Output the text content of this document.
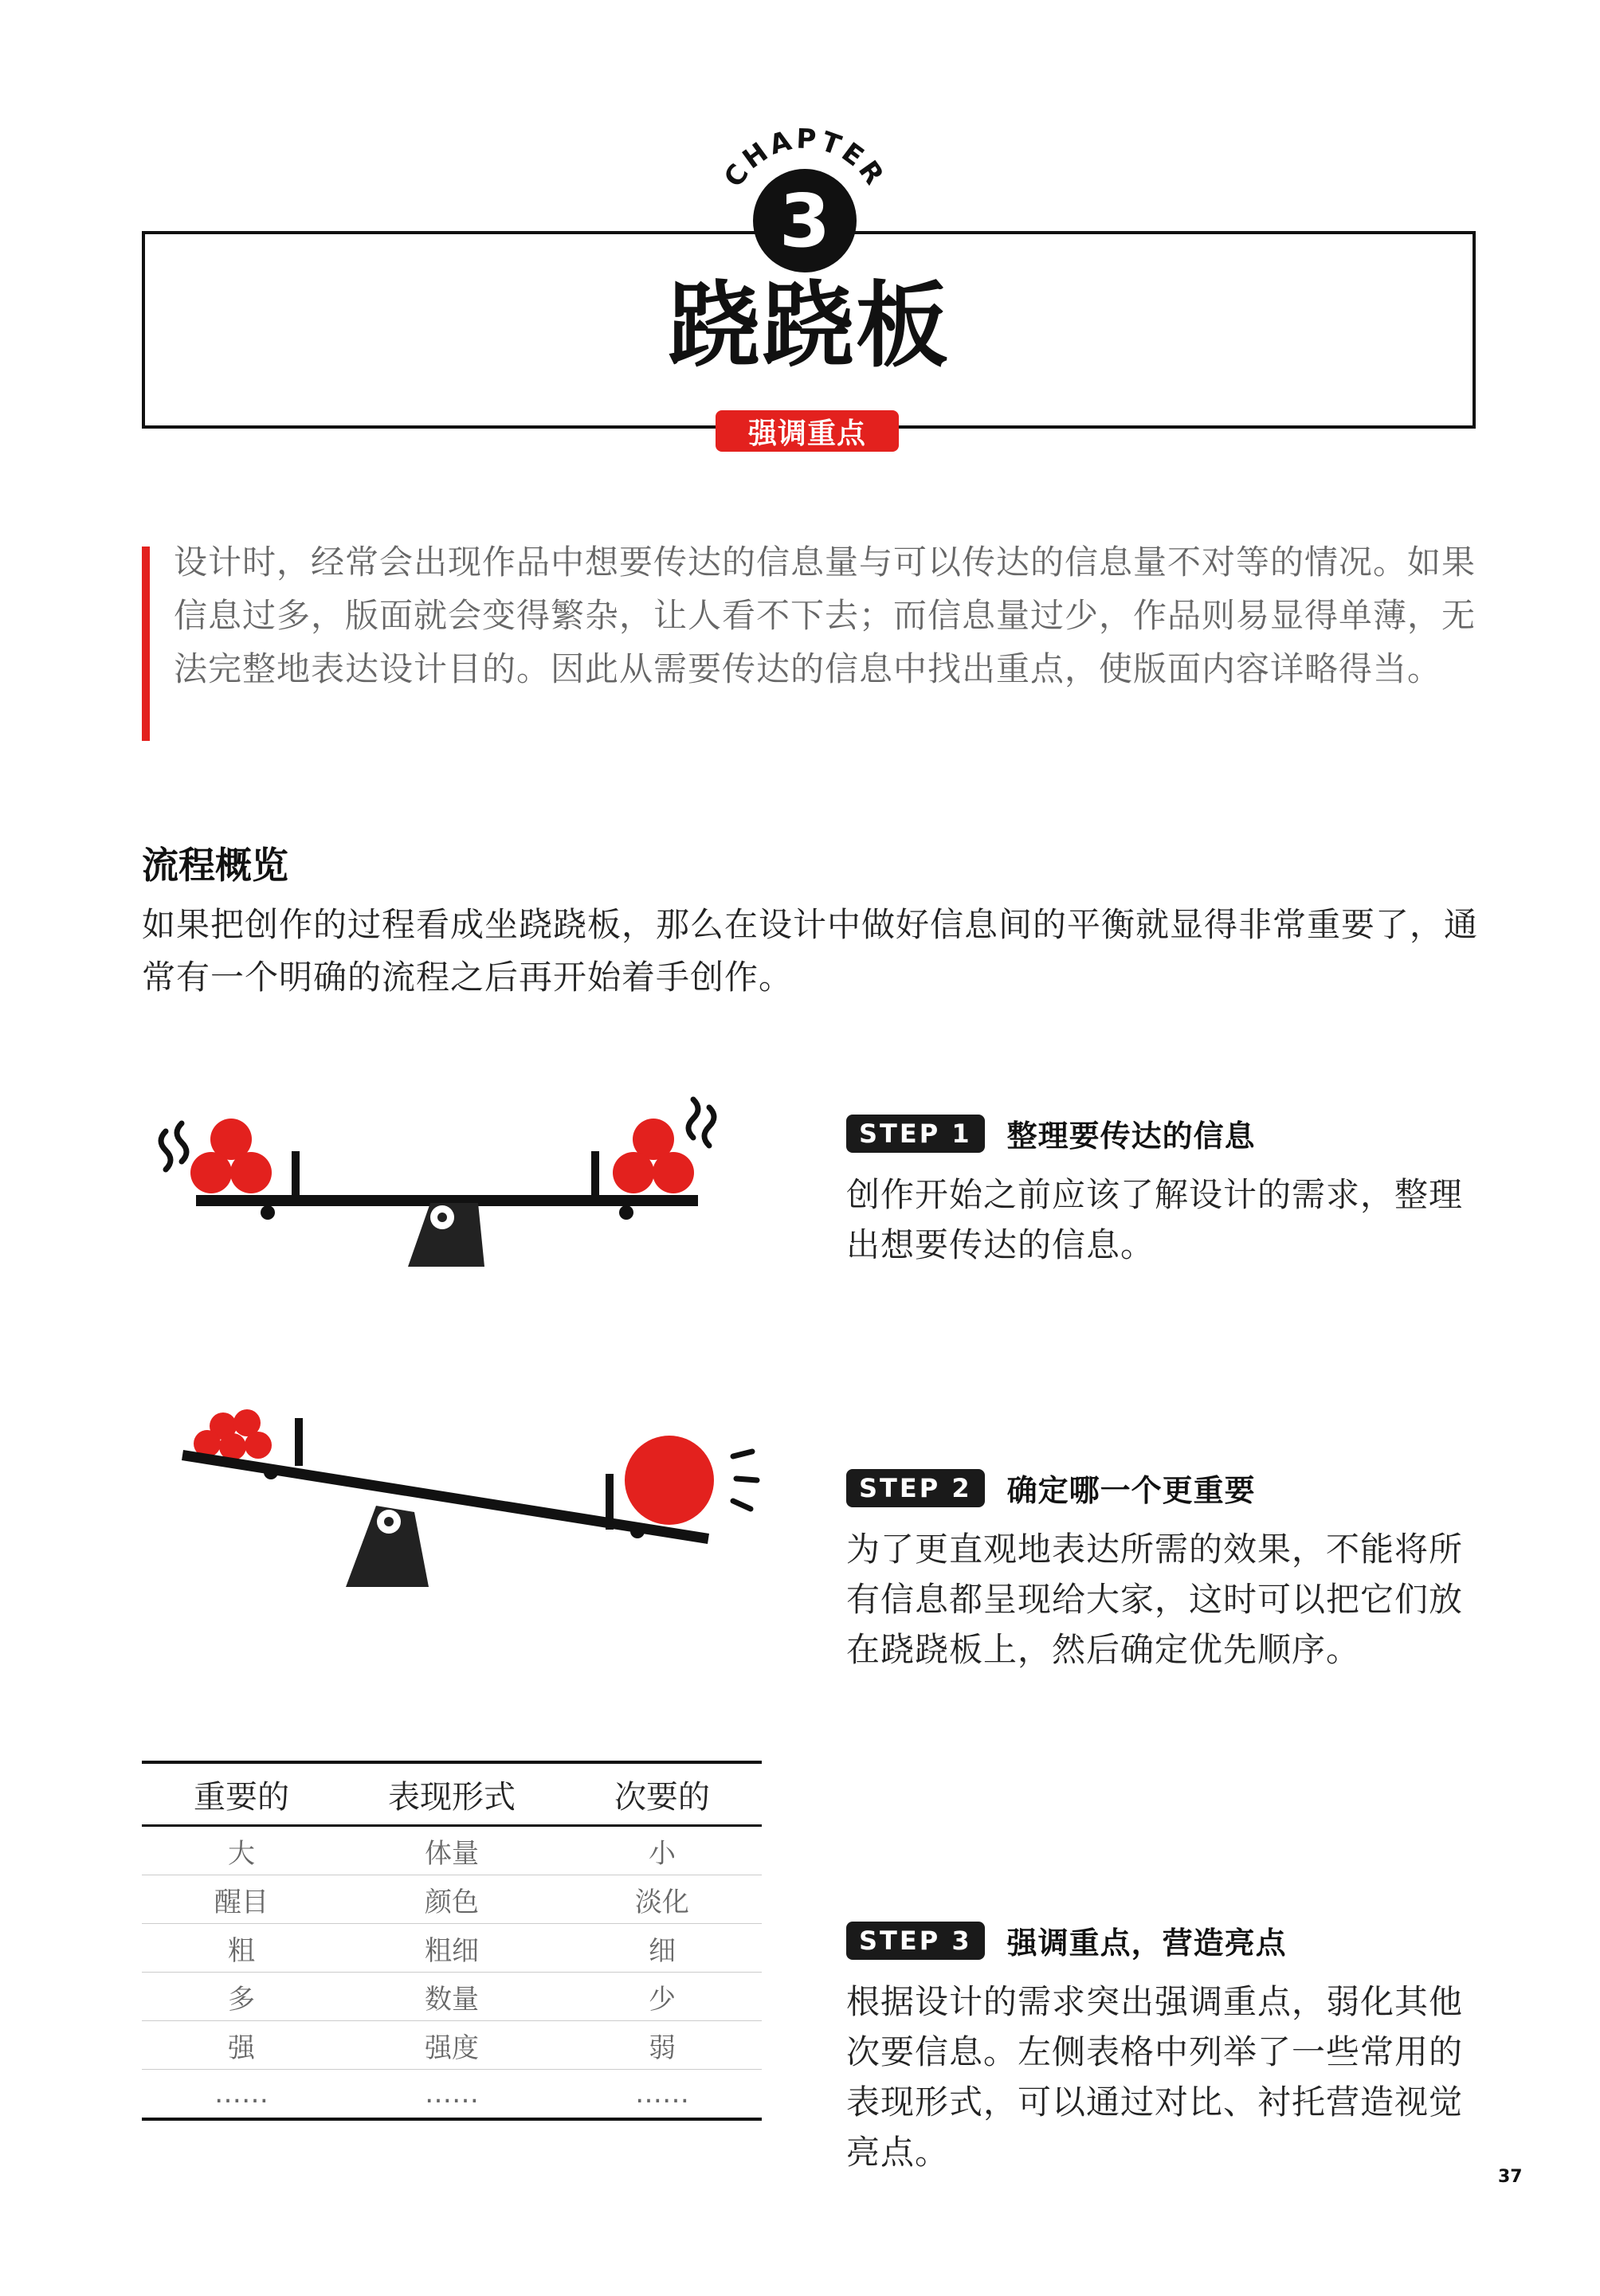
CHAPTER
3
跷跷板
强调重点
设计时，经常会出现作品中想要传达的信息量与可以传达的信息量不对等的情况。如果信息过多，版面就会变得繁杂，让人看不下去；而信息量过少，作品则易显得单薄，无法完整地表达设计目的。因此从需要传达的信息中找出重点，使版面内容详略得当。
流程概览
如果把创作的过程看成坐跷跷板，那么在设计中做好信息间的平衡就显得非常重要了，通常有一个明确的流程之后再开始着手创作。
STEP 1	整理要传达的信息
创作开始之前应该了解设计的需求，整理出想要传达的信息。
STEP 2	确定哪一个更重要
为了更直观地表达所需的效果，不能将所有信息都呈现给大家，这时可以把它们放在跷跷板上，然后确定优先顺序。
重要的	表现形式	次要的
大	体量	小
醒目	颜色	淡化
粗	粗细	细
多	数量	少
强	强度	弱
……	……	……
STEP 3	强调重点，营造亮点
根据设计的需求突出强调重点，弱化其他次要信息。左侧表格中列举了一些常用的表现形式，可以通过对比、衬托营造视觉亮点。
37
